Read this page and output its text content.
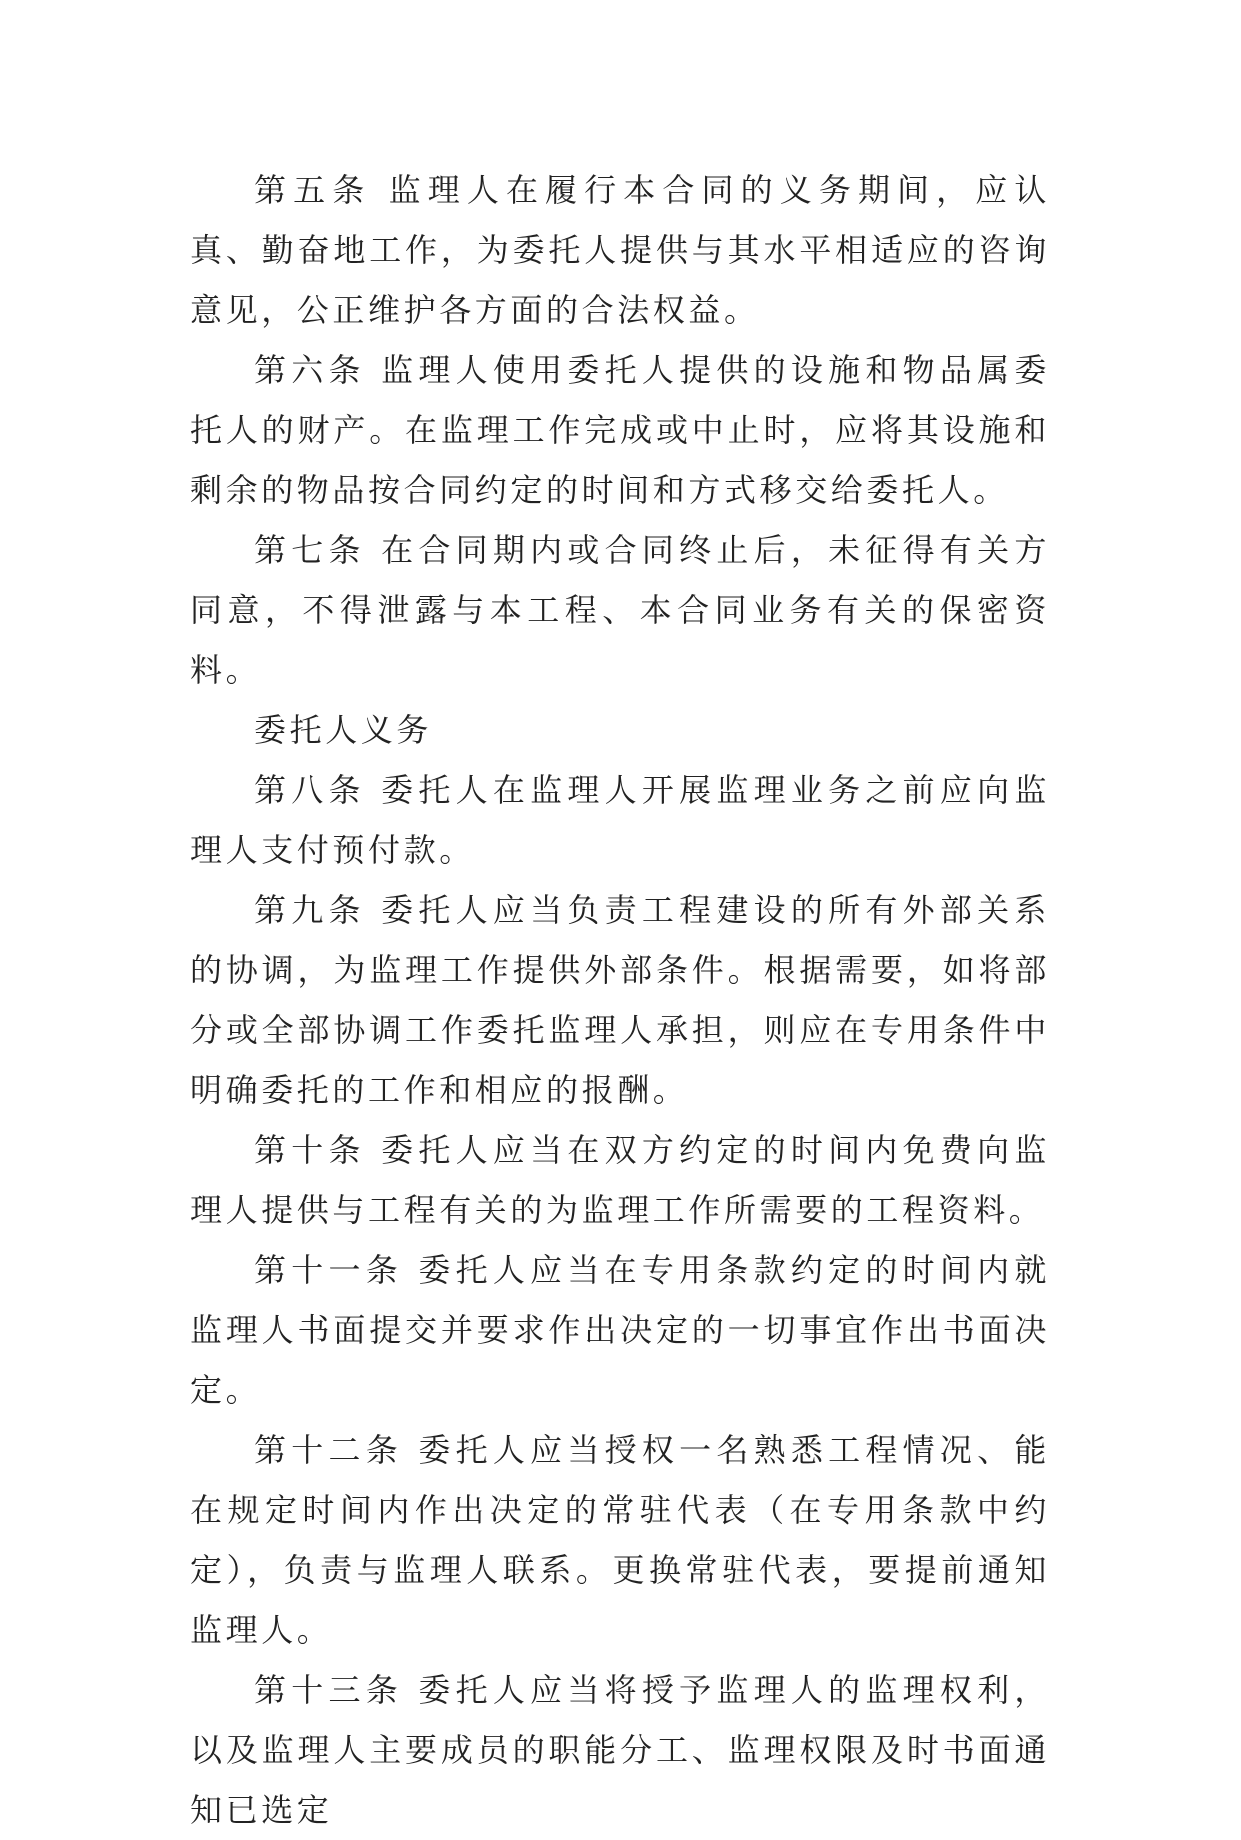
第五条 监理人在履行本合同的义务期间，应认真、勤奋地工作，为委托人提供与其水平相适应的咨询意见，公正维护各方面的合法权益。

第六条 监理人使用委托人提供的设施和物品属委托人的财产。在监理工作完成或中止时，应将其设施和剩余的物品按合同约定的时间和方式移交给委托人。

第七条 在合同期内或合同终止后，未征得有关方同意，不得泄露与本工程、本合同业务有关的保密资料。

委托人义务

第八条 委托人在监理人开展监理业务之前应向监理人支付预付款。

第九条 委托人应当负责工程建设的所有外部关系的协调，为监理工作提供外部条件。根据需要，如将部分或全部协调工作委托监理人承担，则应在专用条件中明确委托的工作和相应的报酬。

第十条 委托人应当在双方约定的时间内免费向监理人提供与工程有关的为监理工作所需要的工程资料。

第十一条 委托人应当在专用条款约定的时间内就监理人书面提交并要求作出决定的一切事宜作出书面决定。

第十二条 委托人应当授权一名熟悉工程情况、能在规定时间内作出决定的常驻代表（在专用条款中约定），负责与监理人联系。更换常驻代表，要提前通知监理人。

第十三条 委托人应当将授予监理人的监理权利，以及监理人主要成员的职能分工、监理权限及时书面通知已选定
